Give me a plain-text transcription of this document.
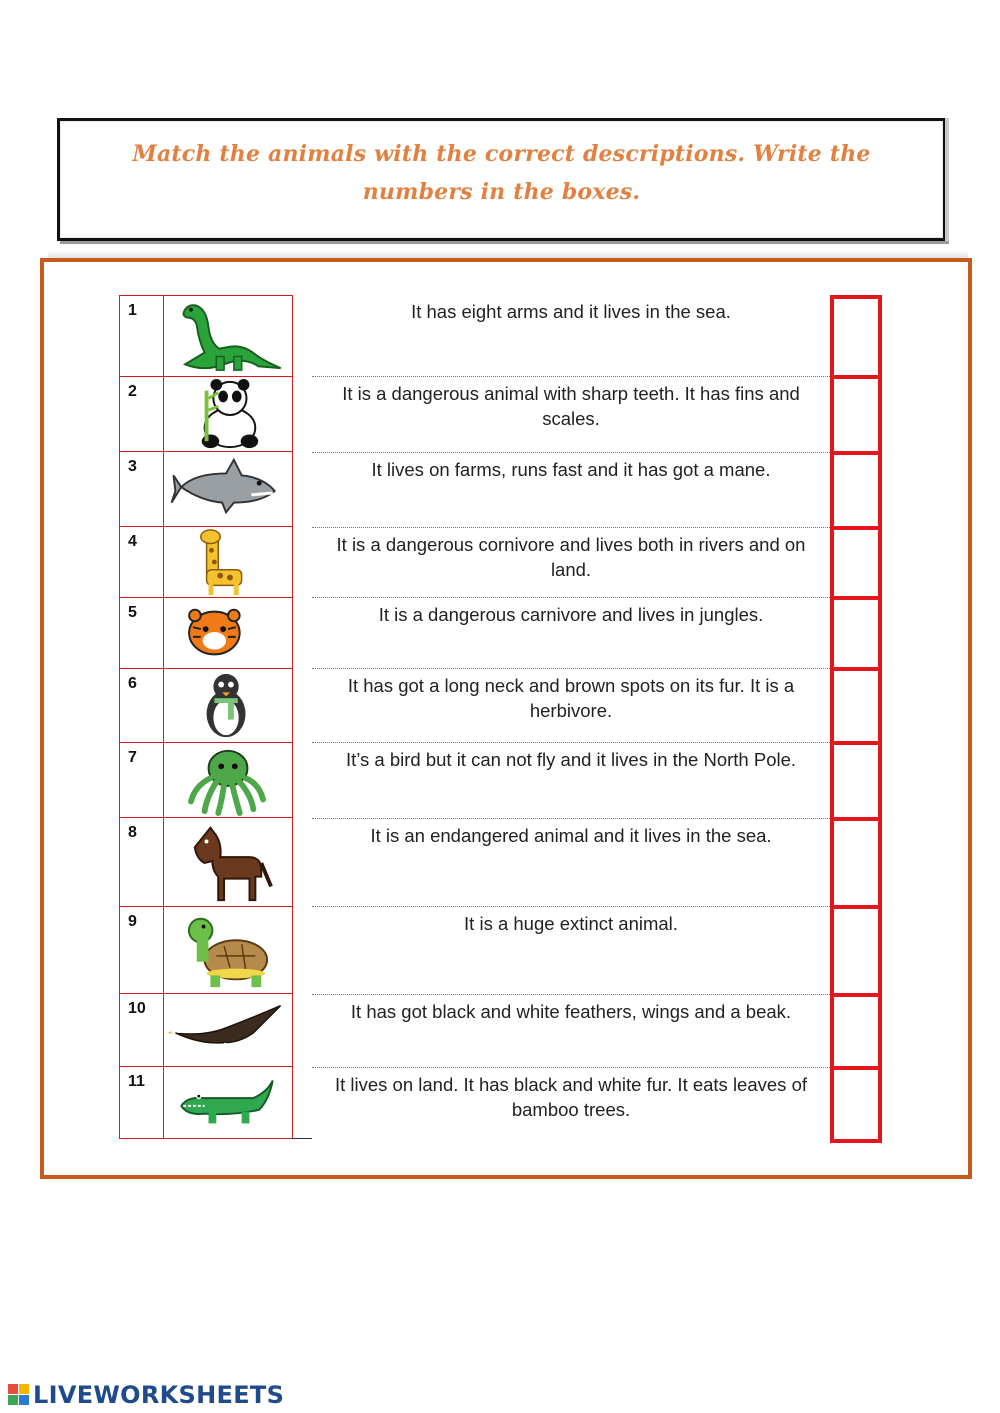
Match the animals with the correct descriptions. Write the numbers in the boxes.
1
2
3
4
5
6
7
8
9
10
11
It has eight arms and it lives in the sea.
It is a dangerous animal with sharp teeth. It has fins and scales.
It lives on farms, runs fast and it has got a mane.
It is a dangerous cornivore and lives both in rivers and on land.
It is a dangerous carnivore and lives in jungles.
It has got a long neck and brown spots on its fur. It is a herbivore.
It’s a bird but it can not fly and it lives in the North Pole.
It is an endangered animal and it lives in the sea.
It is a huge extinct animal.
It has got black and white feathers, wings and a beak.
It lives on land. It has black and white fur. It eats leaves of bamboo trees.
LIVEWORKSHEETS
